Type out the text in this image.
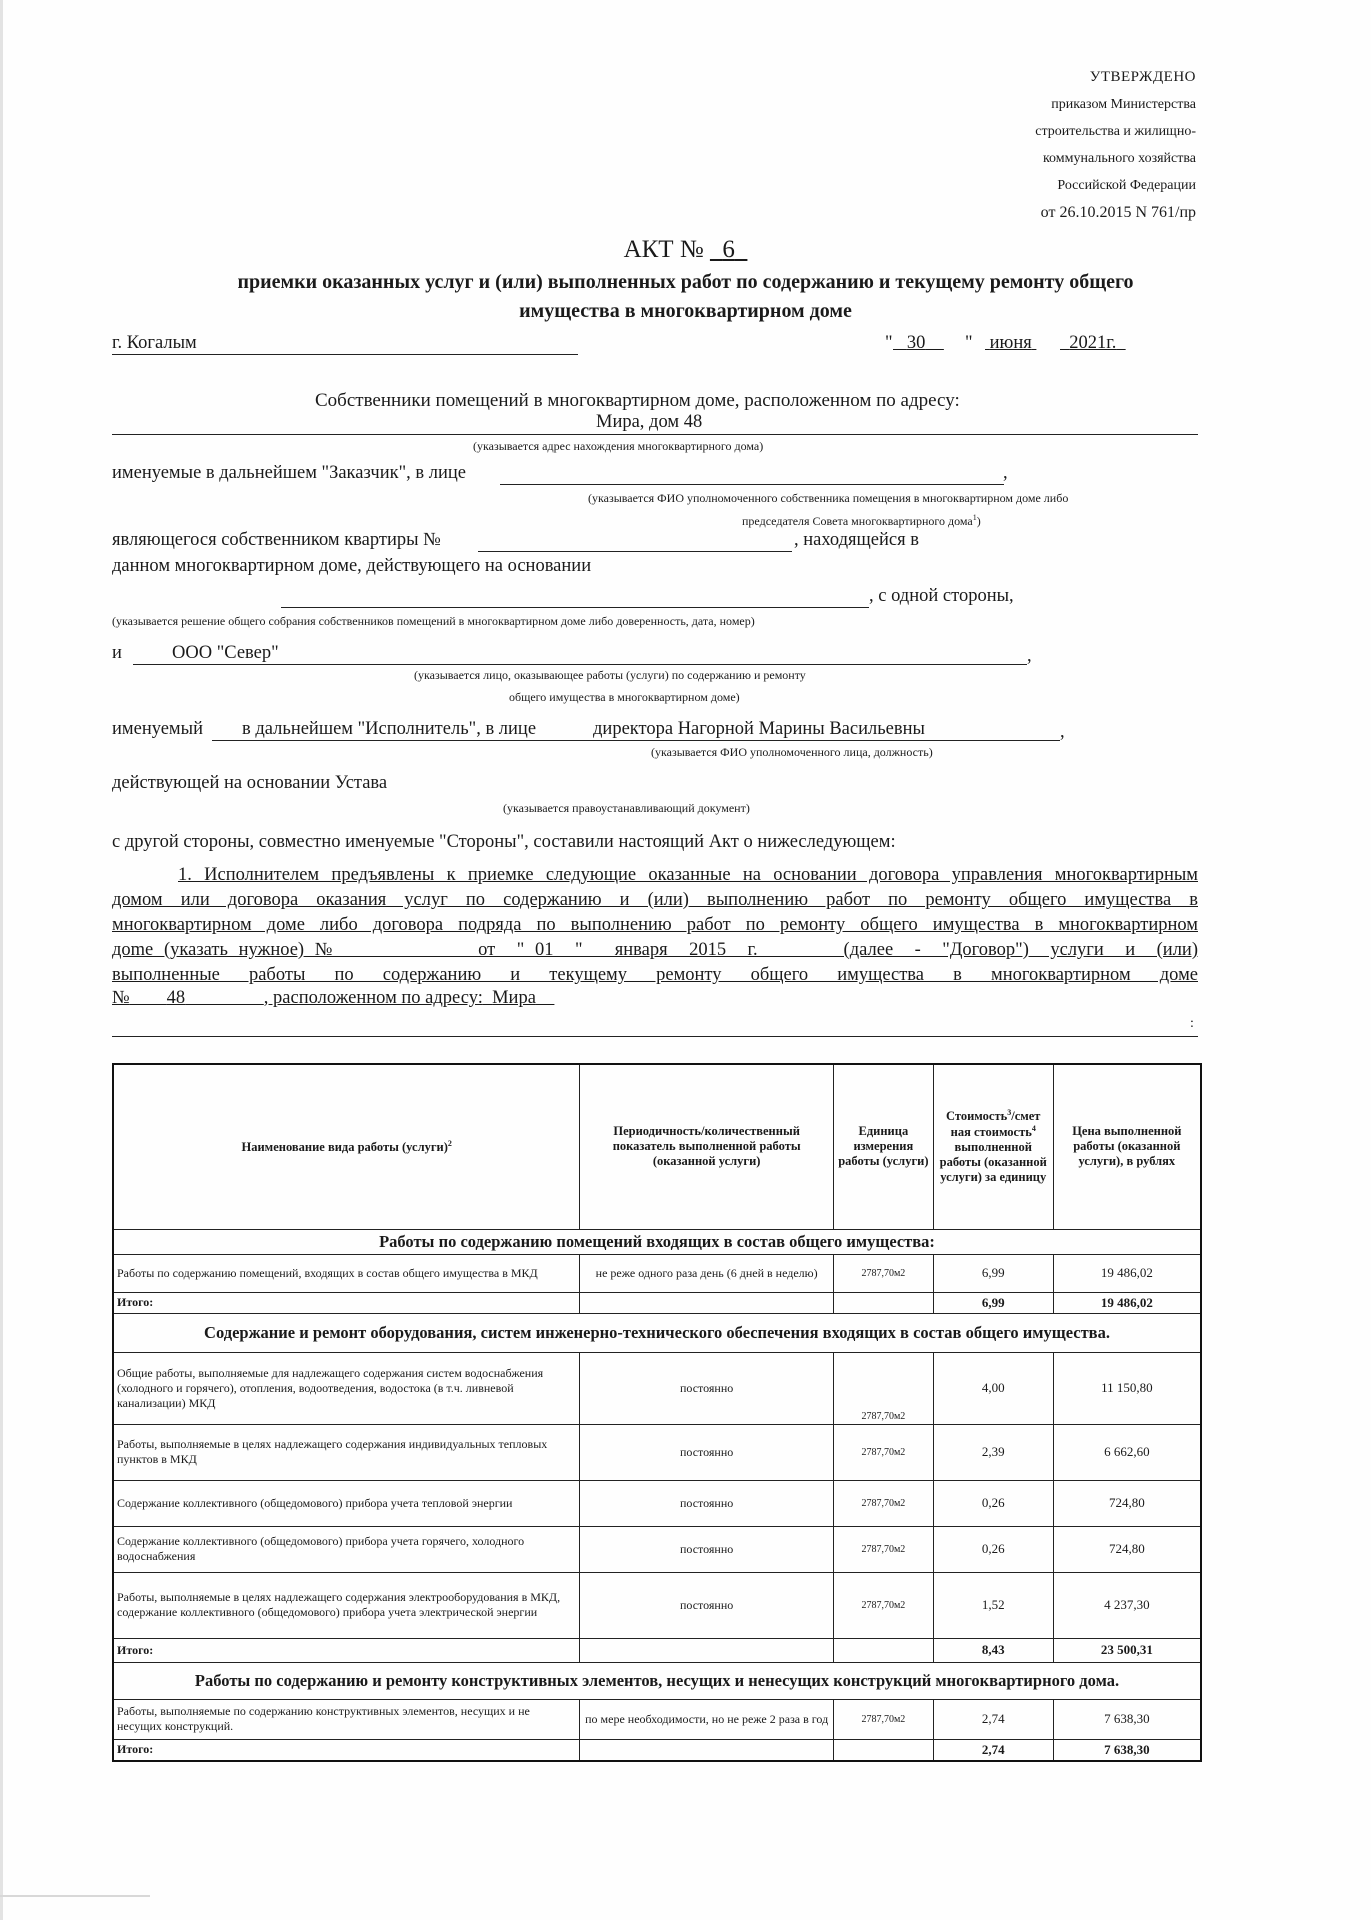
УТВЕРЖДЕНО
приказом Министерства
строительства и жилищно-
коммунального хозяйства
Российской Федерации
от 26.10.2015 N 761/пр
АКТ № 6
приемки оказанных услуг и (или) выполненных работ по содержанию и текущему ремонту общего
имущества в многоквартирном доме
г. Когалым	" 30	" июня	2021г.
Собственники помещений в многоквартирном доме, расположенном по адресу:
Мира, дом 48
(указывается адрес нахождения многоквартирного дома)
именуемые в дальнейшем "Заказчик", в лице	,
(указывается ФИО уполномоченного собственника помещения в многоквартирном доме либо
председателя Совета многоквартирного дома$^1$)
являющегося собственником квартиры №	, находящейся в
данном многоквартирном доме, действующего на основании
, с одной стороны,
(указывается решение общего собрания собственников помещений в многоквартирном доме либо доверенность, дата, номер)
и	ООО "Север"	,
(указывается лицо, оказывающее работы (услуги) по содержанию и ремонту
общего имущества в многоквартирном доме)
именуемый в дальнейшем "Исполнитель", в лице	директора Нагорной Марины Васильевны	,
(указывается ФИО уполномоченного лица, должность)
действующей на основании Устава
(указывается правоустанавливающий документ)
с другой стороны, совместно именуемые "Стороны", составили настоящий Акт о нижеследующем:
1. Исполнителем предъявлены к приемке следующие оказанные на основании договора управления многоквартирным
домом или договора оказания услуг по содержанию и (или) выполнению работ по ремонту общего имущества в
многоквартирном доме либо договора подряда по выполнению работ по ремонту общего имущества в многоквартирном
дome (указать нужное) №             от  " 01  "   января  2015  г.        (далее  -  "Договор")  услуги  и  (или)
выполненные  работы  по  содержанию  и  текущему  ремонту  общего  имущества  в  многоквартирном  доме
№ 48	, расположенном по адресу: Мира
:
Наименование вида работы (услуги)$^2$	Периодичность/количественный показатель выполненной работы (оказанной услуги)	Единица измерения работы (услуги)	Стоимость$^3$/смет ная стоимость$^4$ выполненной работы (оказанной услуги) за единицу	Цена выполненной работы (оказанной услуги), в рублях
Работы по содержанию помещений входящих в состав общего имущества:				
Работы по содержанию помещений, входящих в состав общего имущества в МКД	не реже одного раза день (6 дней в неделю)	2787,70м2	6,99	19 486,02
Итого:			6,99	19 486,02
Содержание и ремонт оборудования, систем инженерно-технического обеспечения входящих в состав общего имущества.				
Общие работы, выполняемые для надлежащего содержания систем водоснабжения (холодного и горячего), отопления, водоотведения, водостока (в т.ч. ливневой канализации) МКД	постоянно	2787,70м2	4,00	11 150,80
Работы, выполняемые в целях надлежащего содержания индивидуальных тепловых пунктов в МКД	постоянно	2787,70м2	2,39	6 662,60
Содержание коллективного (общедомового) прибора учета тепловой энергии	постоянно	2787,70м2	0,26	724,80
Содержание коллективного (общедомового) прибора учета горячего, холодного водоснабжения	постоянно	2787,70м2	0,26	724,80
Работы, выполняемые в целях надлежащего содержания электрооборудования в МКД, содержание коллективного (общедомового) прибора учета электрической энергии	постоянно	2787,70м2	1,52	4 237,30
Итого:			8,43	23 500,31
Работы по содержанию и ремонту конструктивных элементов, несущих и ненесущих конструкций многоквартирного дома.				
Работы, выполняемые по содержанию конструктивных элементов, несущих и не несущих конструкций.	по мере необходимости, но не реже 2 раза в год	2787,70м2	2,74	7 638,30
Итого:			2,74	7 638,30
